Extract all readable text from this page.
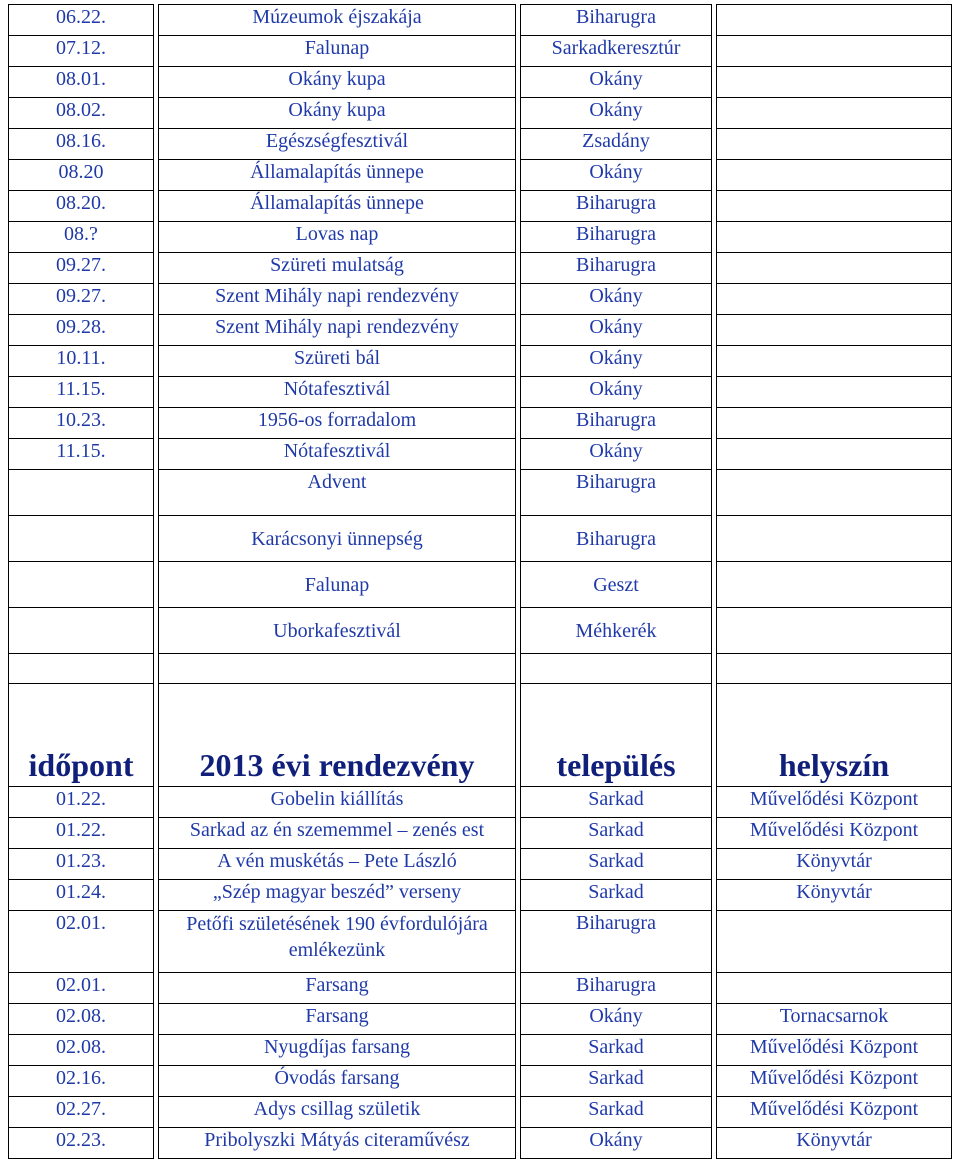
06.22.	Múzeumok éjszakája	Biharugra	
07.12.	Falunap	Sarkadkeresztúr	
08.01.	Okány kupa	Okány	
08.02.	Okány kupa	Okány	
08.16.	Egészségfesztivál	Zsadány	
08.20	Államalapítás ünnepe	Okány	
08.20.	Államalapítás ünnepe	Biharugra	
08.?	Lovas nap	Biharugra	
09.27.	Szüreti mulatság	Biharugra	
09.27.	Szent Mihály napi rendezvény	Okány	
09.28.	Szent Mihály napi rendezvény	Okány	
10.11.	Szüreti bál	Okány	
11.15.	Nótafesztivál	Okány	
10.23.	1956-os forradalom	Biharugra	
11.15.	Nótafesztivál	Okány	
	Advent	Biharugra	
	Karácsonyi ünnepség	Biharugra	
	Falunap	Geszt	
	Uborkafesztivál	Méhkerék	

időpont	2013 évi rendezvény	település	helyszín
01.22.	Gobelin kiállítás	Sarkad	Művelődési Központ
01.22.	Sarkad az én szememmel – zenés est	Sarkad	Művelődési Központ
01.23.	A vén muskétás – Pete László	Sarkad	Könyvtár
01.24.	„Szép magyar beszéd” verseny	Sarkad	Könyvtár
02.01.	Petőfi születésének 190 évfordulójára emlékezünk	Biharugra	
02.01.	Farsang	Biharugra	
02.08.	Farsang	Okány	Tornacsarnok
02.08.	Nyugdíjas farsang	Sarkad	Művelődési Központ
02.16.	Óvodás farsang	Sarkad	Művelődési Központ
02.27.	Adys csillag születik	Sarkad	Művelődési Központ
02.23.	Pribolyszki Mátyás citeraművész	Okány	Könyvtár
